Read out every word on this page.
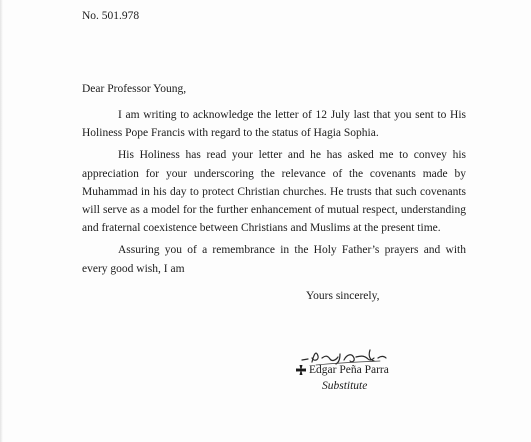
No. 501.978
Dear Professor Young,

I am writing to acknowledge the letter of 12 July last that you sent to His Holiness Pope Francis with regard to the status of Hagia Sophia.

His Holiness has read your letter and he has asked me to convey his appreciation for your underscoring the relevance of the covenants made by Muhammad in his day to protect Christian churches. He trusts that such covenants will serve as a model for the further enhancement of mutual respect, understanding and fraternal coexistence between Christians and Muslims at the present time.

Assuring you of a remembrance in the Holy Father’s prayers and with every good wish, I am

Yours sincerely,
Edgar Peña Parra
Substitute
